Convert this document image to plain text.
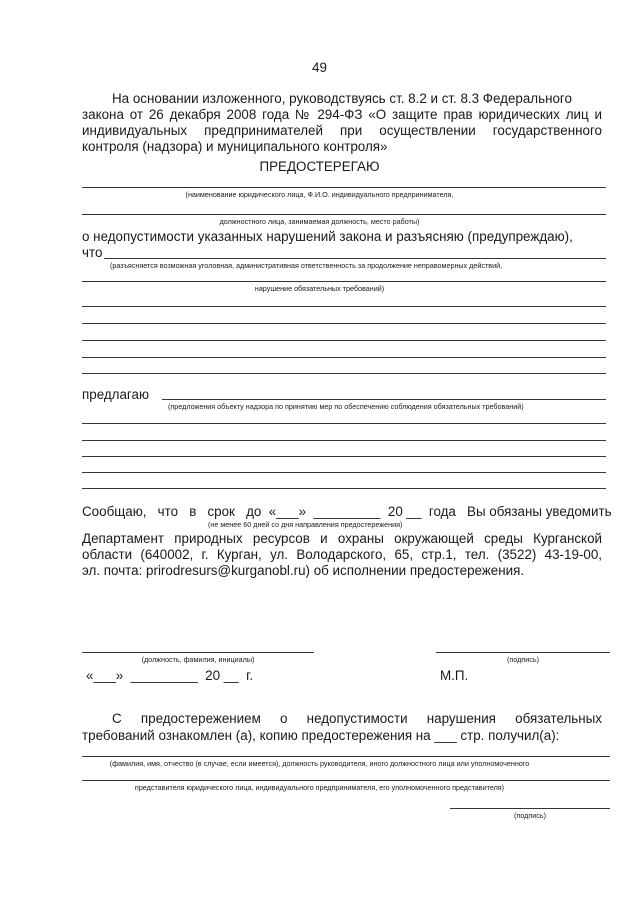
49
На основании изложенного, руководствуясь ст. 8.2 и ст. 8.3 Федерального
закона от 26 декабря 2008 года № 294-ФЗ «О защите прав юридических лиц и
индивидуальных предпринимателей при осуществлении государственного
контроля (надзора) и муниципального контроля»
ПРЕДОСТЕРЕГАЮ
(наименование юридического лица, Ф.И.О. индивидуального предпринимателя,
должностного лица, занимаемая должность, место работы)
о недопустимости указанных нарушений закона и разъясняю (предупреждаю),
что
(разъясняется возможная уголовная, административная ответственность за продолжение неправомерных действий,
нарушение обязательных требований)
предлагаю
(предложения объекту надзора по принятию мер по обеспечению соблюдения обязательных требований)
Сообщаю,   что   в   срок   до  «___»  _________  20 __  года   Вы обязаны уведомить
(не менее 60 дней со дня направления предостережения)
Департамент природных ресурсов и охраны окружающей среды Курганской
области (640002, г. Курган, ул. Володарского, 65, стр.1, тел. (3522) 43-19-00,
эл. почта: prirodresurs@kurganobl.ru) об исполнении предостережения.
(должность, фамилия, инициалы)	(подпись)
«___»  _________  20 __  г.	М.П.
С   предостережением   о   недопустимости   нарушения   обязательных
требований ознакомлен (а), копию предостережения на ___ стр. получил(а):
(фамилия, имя, отчество (в случае, если имеется), должность руководителя, иного должностного лица или уполномоченного
представителя юридического лица, индивидуального предпринимателя, его уполномоченного представителя)
(подпись)
